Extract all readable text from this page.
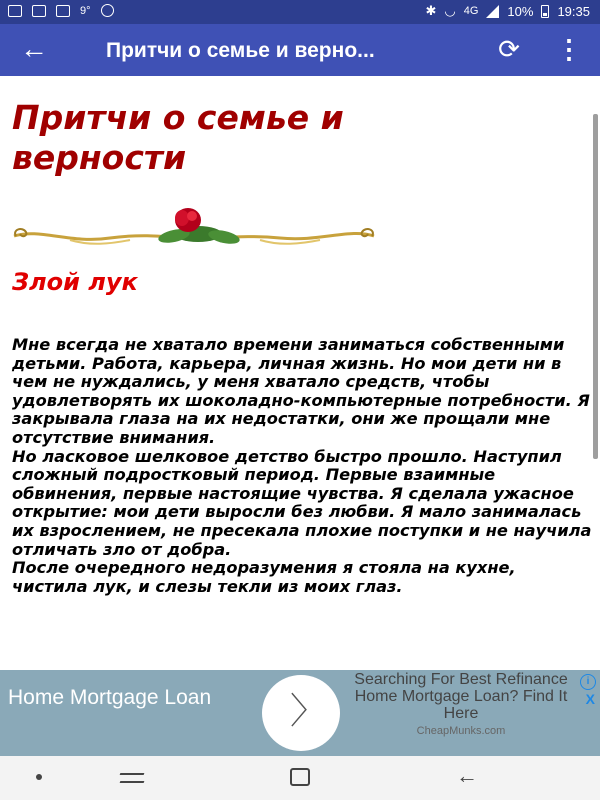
9°	✱ ◡ 4G 10% 19:35
←	Притчи о семье и верно...	⟳ ⋮
Притчи о семье и верности
Злой лук

Мне всегда не хватало времени заниматься собственными детьми. Работа, карьера, личная жизнь. Но мои дети ни в чем не нуждались, у меня хватало средств, чтобы удовлетворять их шоколадно-компьютерные потребности. Я закрывала глаза на их недостатки, они же прощали мне отсутствие внимания.

Но ласковое шелковое детство быстро прошло. Наступил сложный подростковый период. Первые взаимные обвинения, первые настоящие чувства. Я сделала ужасное открытие: мои дети выросли без любви. Я мало занималась их взрослением, не пресекала плохие поступки и не научила отличать зло от добра.

После очередного недоразумения я стояла на кухне, чистила лук, и слезы текли из моих глаз.

Home Mortgage Loan	〉
Searching For Best Refinance Home Mortgage Loan? Find It Here
CheapMunks.com
i
X
←
